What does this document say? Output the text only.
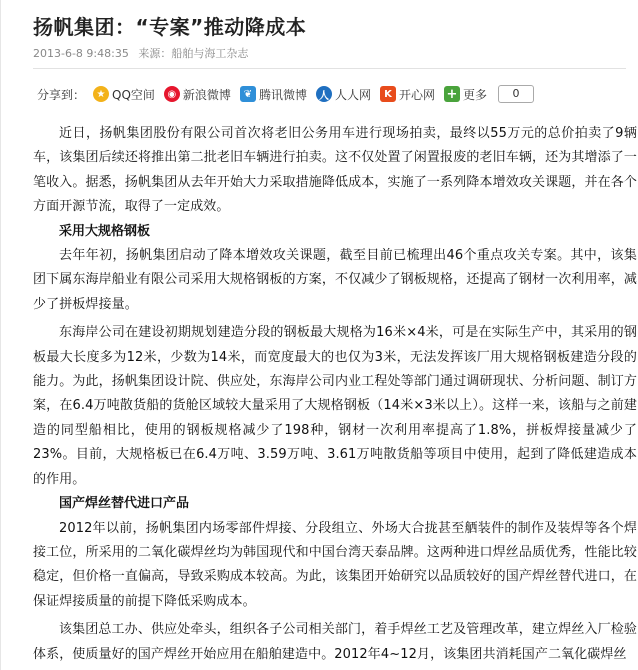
扬帆集团：“专案”推动降成本
2013-6-8 9:48:35 来源：船舶与海工杂志
分享到：	★ QQ空间	◉ 新浪微博	❦ 腾讯微博	人 人人网	K 开心网 + 更多	0

近日，扬帆集团股份有限公司首次将老旧公务用车进行现场拍卖，最终以55万元的总价拍卖了9辆车，该集团后续还将推出第二批老旧车辆进行拍卖。这不仅处置了闲置报废的老旧车辆，还为其增添了一笔收入。据悉，扬帆集团从去年开始大力采取措施降低成本，实施了一系列降本增效攻关课题，并在各个方面开源节流，取得了一定成效。

采用大规格钢板

去年年初，扬帆集团启动了降本增效攻关课题，截至目前已梳理出46个重点攻关专案。其中，该集团下属东海岸船业有限公司采用大规格钢板的方案，不仅减少了钢板规格，还提高了钢材一次利用率，减少了拼板焊接量。

东海岸公司在建设初期规划建造分段的钢板最大规格为16米×4米，可是在实际生产中，其采用的钢板最大长度多为12米，少数为14米，而宽度最大的也仅为3米，无法发挥该厂用大规格钢板建造分段的能力。为此，扬帆集团设计院、供应处，东海岸公司内业工程处等部门通过调研现状、分析问题、制订方案，在6.4万吨散货船的货舱区域较大量采用了大规格钢板（14米×3米以上）。这样一来，该船与之前建造的同型船相比，使用的钢板规格减少了198种，钢材一次利用率提高了1.8%，拼板焊接量减少了23%。目前，大规格板已在6.4万吨、3.59万吨、3.61万吨散货船等项目中使用，起到了降低建造成本的作用。

国产焊丝替代进口产品

2012年以前，扬帆集团内场零部件焊接、分段组立、外场大合拢甚至舾装件的制作及装焊等各个焊接工位，所采用的二氧化碳焊丝均为韩国现代和中国台湾天泰品牌。这两种进口焊丝品质优秀，性能比较稳定，但价格一直偏高，导致采购成本较高。为此，该集团开始研究以品质较好的国产焊丝替代进口，在保证焊接质量的前提下降低采购成本。

该集团总工办、供应处牵头，组织各子公司相关部门，着手焊丝工艺及管理改革，建立焊丝入厂检验体系，使质量好的国产焊丝开始应用在船舶建造中。2012年4~12月，该集团共消耗国产二氧化碳焊丝
